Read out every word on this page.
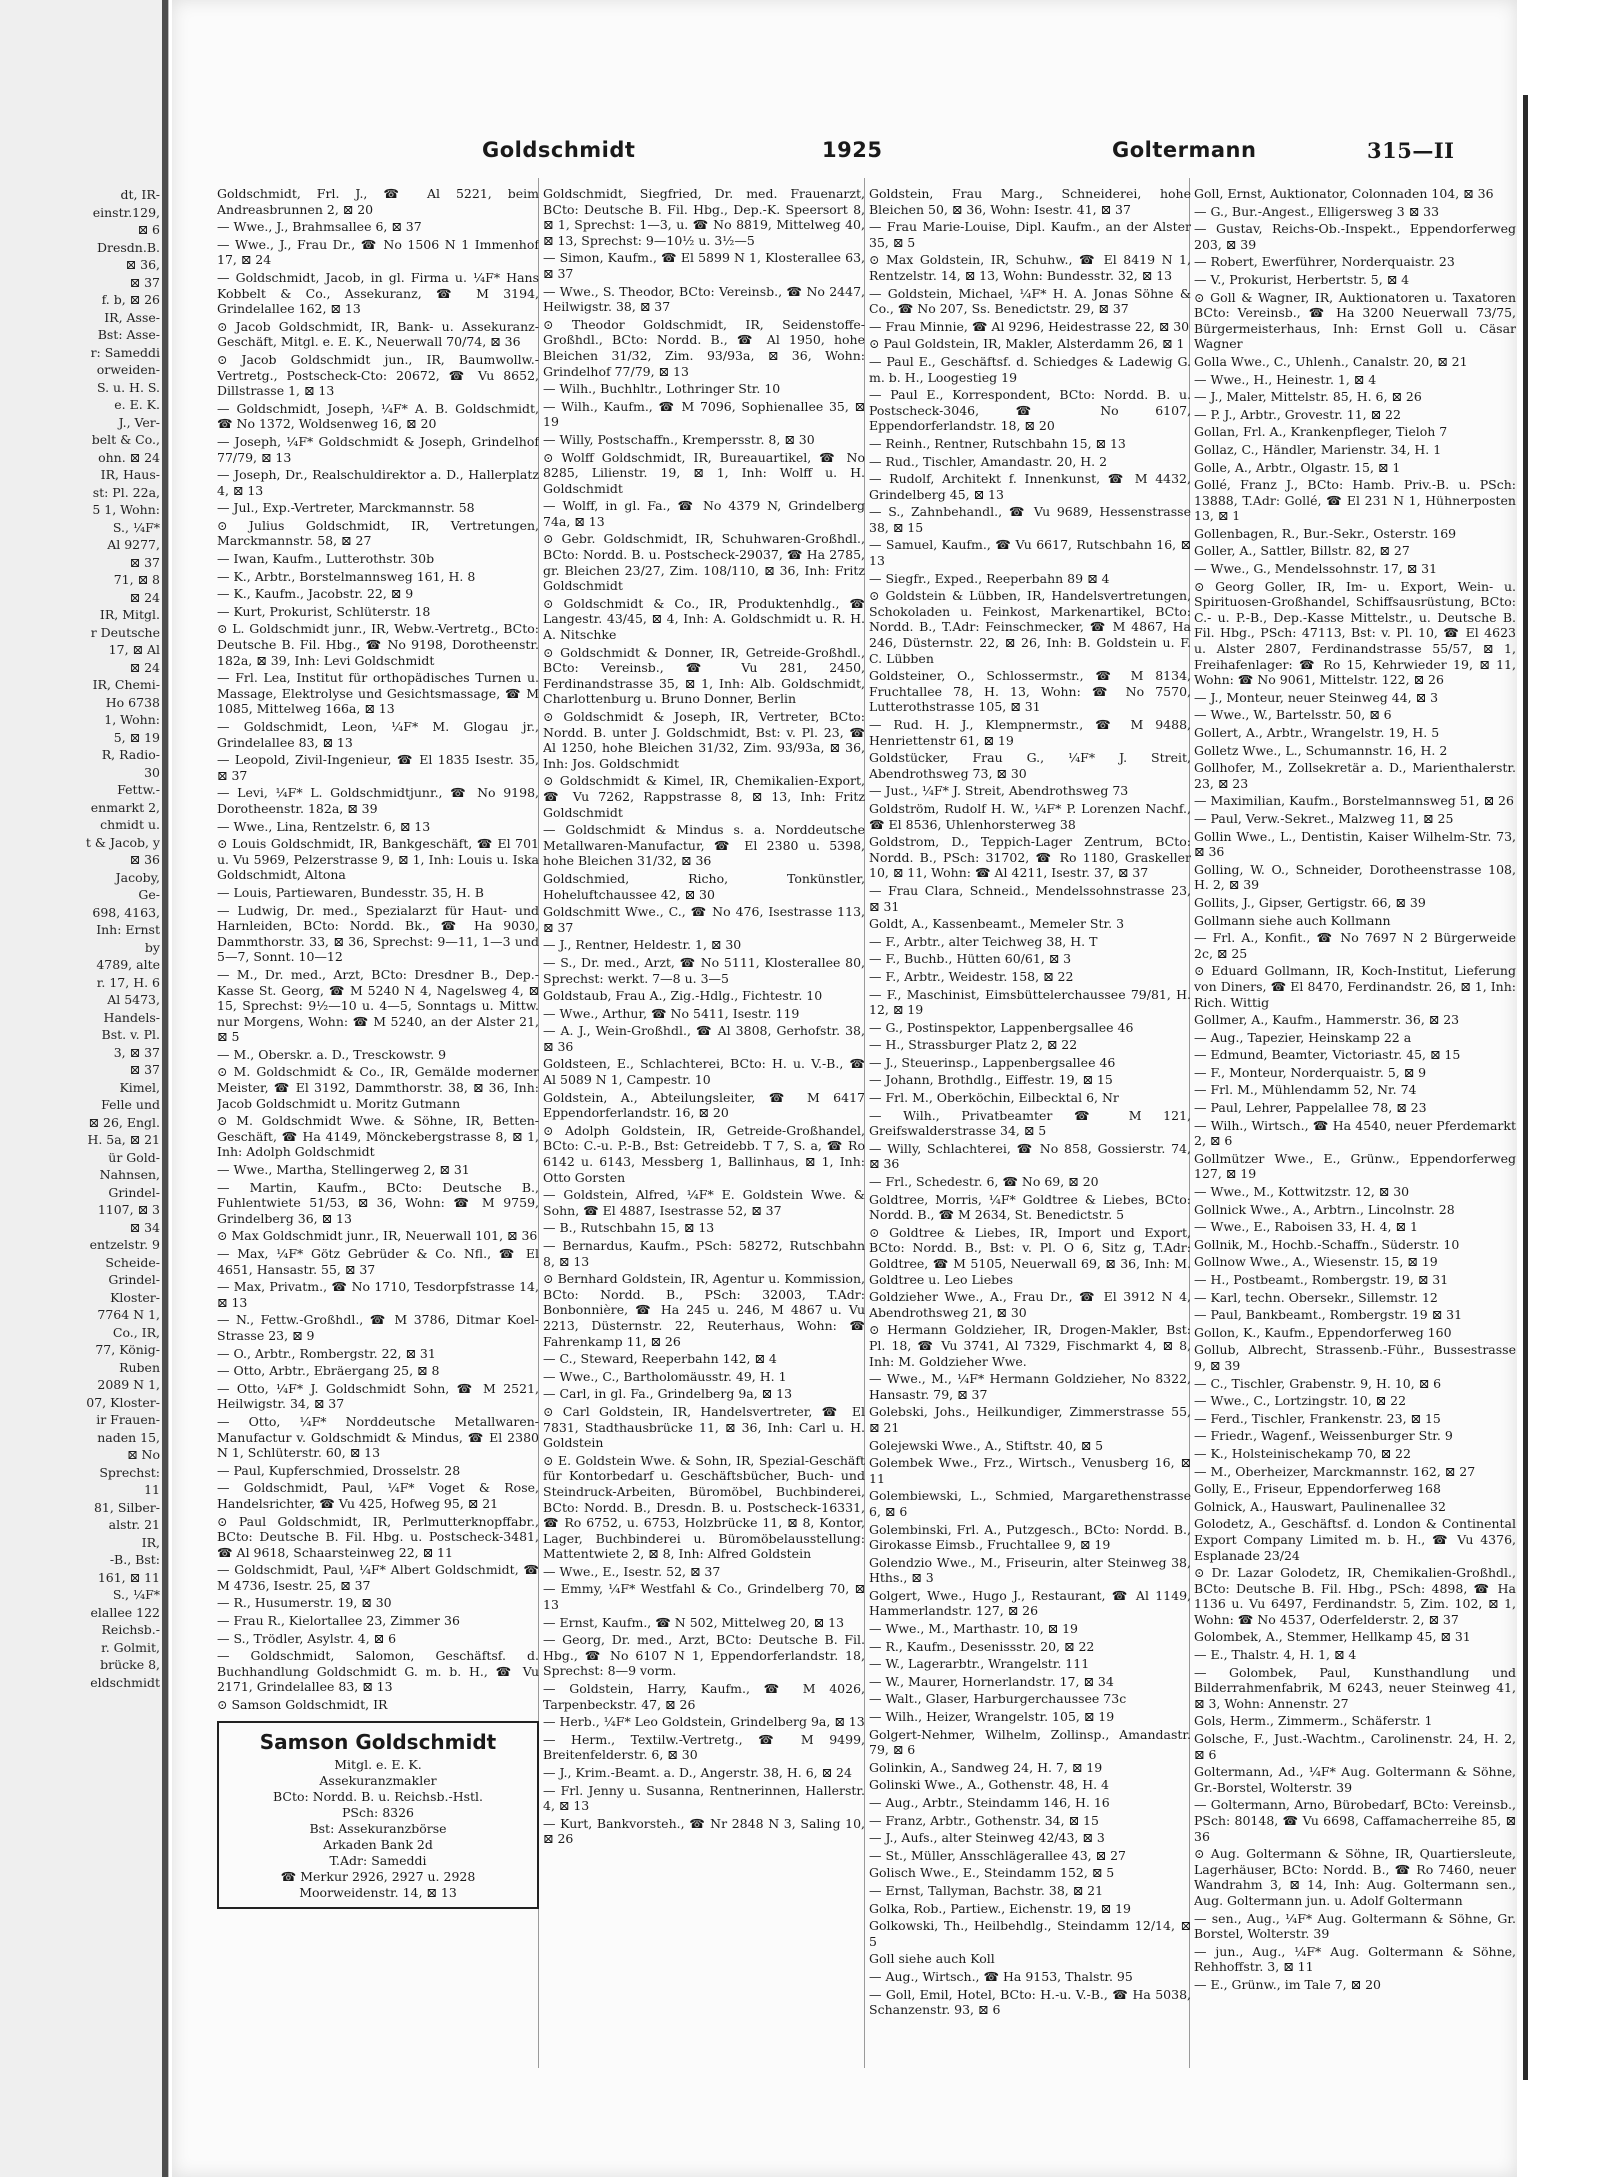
dt, IR-
einstr.129,
⊠ 6
Dresdn.B.
⊠ 36,
⊠ 37
f. b, ⊠ 26
IR, Asse-
Bst: Asse-
r: Sameddi
orweiden-
S. u. H. S.
e. E. K.
J., Ver-
belt & Co.,
ohn. ⊠ 24
IR, Haus-
st: Pl. 22a,
5 1, Wohn:
S., ¼F*
Al 9277,
⊠ 37
71, ⊠ 8
⊠ 24
IR, Mitgl.
r Deutsche
17, ⊠ Al
⊠ 24
IR, Chemi-
Ho 6738
1, Wohn:
5, ⊠ 19
R, Radio-
30
Fettw.-
enmarkt 2,
chmidt u.
t & Jacob, y
⊠ 36
Jacoby,
Ge-
698, 4163,
Inh: Ernst
by
4789, alte
r. 17, H. 6
Al 5473,
Handels-
Bst. v. Pl.
3, ⊠ 37
⊠ 37
Kimel,
Felle und
⊠ 26, Engl.
H. 5a, ⊠ 21
ür Gold-
Nahnsen,
Grindel-
1107, ⊠ 3
⊠ 34
entzelstr. 9
Scheide-
Grindel-
Kloster-
7764 N 1,
Co., IR,
77, König-
Ruben
2089 N 1,
07, Kloster-
ir Frauen-
naden 15,
⊠ No
Sprechst:
11
81, Silber-
alstr. 21
IR,
-B., Bst:
161, ⊠ 11
S., ¼F*
elallee 122
Reichsb.-
r. Golmit,
brücke 8,
eldschmidt
Goldschmidt	1925	Goltermann	315—II
Goldschmidt, Frl. J., ☎ Al 5221, beim Andreasbrunnen 2, ⊠ 20
— Wwe., J., Brahmsallee 6, ⊠ 37
— Wwe., J., Frau Dr., ☎ No 1506 N 1 Immenhof 17, ⊠ 24
— Goldschmidt, Jacob, in gl. Firma u. ¼F* Hans Kobbelt & Co., Assekuranz, ☎ M 3194, Grindelallee 162, ⊠ 13
⊙ Jacob Goldschmidt, IR, Bank- u. Assekuranz-Geschäft, Mitgl. e. E. K., Neuerwall 70/74, ⊠ 36
⊙ Jacob Goldschmidt jun., IR, Baumwollw.-Vertretg., Postscheck-Cto: 20672, ☎ Vu 8652, Dillstrasse 1, ⊠ 13
— Goldschmidt, Joseph, ¼F* A. B. Goldschmidt, ☎ No 1372, Woldsenweg 16, ⊠ 20
— Joseph, ¼F* Goldschmidt & Joseph, Grindelhof 77/79, ⊠ 13
— Joseph, Dr., Realschuldirektor a. D., Hallerplatz 4, ⊠ 13
— Jul., Exp.-Vertreter, Marckmannstr. 58
⊙ Julius Goldschmidt, IR, Vertretungen, Marckmannstr. 58, ⊠ 27
— Iwan, Kaufm., Lutterothstr. 30b
— K., Arbtr., Borstelmannsweg 161, H. 8
— K., Kaufm., Jacobstr. 22, ⊠ 9
— Kurt, Prokurist, Schlüterstr. 18
⊙ L. Goldschmidt junr., IR, Webw.-Vertretg., BCto: Deutsche B. Fil. Hbg., ☎ No 9198, Dorotheenstr. 182a, ⊠ 39, Inh: Levi Goldschmidt
— Frl. Lea, Institut für orthopädisches Turnen u. Massage, Elektrolyse und Gesichtsmassage, ☎ M 1085, Mittelweg 166a, ⊠ 13
— Goldschmidt, Leon, ¼F* M. Glogau jr., Grindelallee 83, ⊠ 13
— Leopold, Zivil-Ingenieur, ☎ El 1835 Isestr. 35, ⊠ 37
— Levi, ¼F* L. Goldschmidtjunr., ☎ No 9198, Dorotheenstr. 182a, ⊠ 39
— Wwe., Lina, Rentzelstr. 6, ⊠ 13
⊙ Louis Goldschmidt, IR, Bankgeschäft, ☎ El 701 u. Vu 5969, Pelzerstrasse 9, ⊠ 1, Inh: Louis u. Iska Goldschmidt, Altona
— Louis, Partiewaren, Bundesstr. 35, H. B
— Ludwig, Dr. med., Spezialarzt für Haut- und Harnleiden, BCto: Nordd. Bk., ☎ Ha 9030, Dammthorstr. 33, ⊠ 36, Sprechst: 9—11, 1—3 und 5—7, Sonnt. 10—12
— M., Dr. med., Arzt, BCto: Dresdner B., Dep.-Kasse St. Georg, ☎ M 5240 N 4, Nagelsweg 4, ⊠ 15, Sprechst: 9½—10 u. 4—5, Sonntags u. Mittw. nur Morgens, Wohn: ☎ M 5240, an der Alster 21, ⊠ 5
— M., Oberskr. a. D., Tresckowstr. 9
⊙ M. Goldschmidt & Co., IR, Gemälde moderner Meister, ☎ El 3192, Dammthorstr. 38, ⊠ 36, Inh: Jacob Goldschmidt u. Moritz Gutmann
⊙ M. Goldschmidt Wwe. & Söhne, IR, Betten-Geschäft, ☎ Ha 4149, Mönckebergstrasse 8, ⊠ 1, Inh: Adolph Goldschmidt
— Wwe., Martha, Stellingerweg 2, ⊠ 31
— Martin, Kaufm., BCto: Deutsche B., Fuhlentwiete 51/53, ⊠ 36, Wohn: ☎ M 9759, Grindelberg 36, ⊠ 13
⊙ Max Goldschmidt junr., IR, Neuerwall 101, ⊠ 36
— Max, ¼F* Götz Gebrüder & Co. Nfl., ☎ El 4651, Hansastr. 55, ⊠ 37
— Max, Privatm., ☎ No 1710, Tesdorpfstrasse 14, ⊠ 13
— N., Fettw.-Großhdl., ☎ M 3786, Ditmar Koel-Strasse 23, ⊠ 9
— O., Arbtr., Rombergstr. 22, ⊠ 31
— Otto, Arbtr., Ebräergang 25, ⊠ 8
— Otto, ¼F* J. Goldschmidt Sohn, ☎ M 2521, Heilwigstr. 34, ⊠ 37
— Otto, ¼F* Norddeutsche Metallwaren-Manufactur v. Goldschmidt & Mindus, ☎ El 2380 N 1, Schlüterstr. 60, ⊠ 13
— Paul, Kupferschmied, Drosselstr. 28
— Goldschmidt, Paul, ¼F* Voget & Rose, Handelsrichter, ☎ Vu 425, Hofweg 95, ⊠ 21
⊙ Paul Goldschmidt, IR, Perlmutterknopffabr., BCto: Deutsche B. Fil. Hbg. u. Postscheck-3481, ☎ Al 9618, Schaarsteinweg 22, ⊠ 11
— Goldschmidt, Paul, ¼F* Albert Goldschmidt, ☎ M 4736, Isestr. 25, ⊠ 37
— R., Husumerstr. 19, ⊠ 30
— Frau R., Kielortallee 23, Zimmer 36
— S., Trödler, Asylstr. 4, ⊠ 6
— Goldschmidt, Salomon, Geschäftsf. d. Buchhandlung Goldschmidt G. m. b. H., ☎ Vu 2171, Grindelallee 83, ⊠ 13
⊙ Samson Goldschmidt, IR
Samson Goldschmidt
Mitgl. e. E. K.
Assekuranzmakler
BCto: Nordd. B. u. Reichsb.-Hstl.
PSch: 8326
Bst: Assekuranzbörse
Arkaden Bank 2d
T.Adr: Sameddi
☎ Merkur 2926, 2927 u. 2928
Moorweidenstr. 14, ⊠ 13
Goldschmidt, Siegfried, Dr. med. Frauenarzt, BCto: Deutsche B. Fil. Hbg., Dep.-K. Speersort 8, ⊠ 1, Sprechst: 1—3, u. ☎ No 8819, Mittelweg 40, ⊠ 13, Sprechst: 9—10½ u. 3½—5
— Simon, Kaufm., ☎ El 5899 N 1, Klosterallee 63, ⊠ 37
— Wwe., S. Theodor, BCto: Vereinsb., ☎ No 2447, Heilwigstr. 38, ⊠ 37
⊙ Theodor Goldschmidt, IR, Seidenstoffe-Großhdl., BCto: Nordd. B., ☎ Al 1950, hohe Bleichen 31/32, Zim. 93/93a, ⊠ 36, Wohn: Grindelhof 77/79, ⊠ 13
— Wilh., Buchhltr., Lothringer Str. 10
— Wilh., Kaufm., ☎ M 7096, Sophienallee 35, ⊠ 19
— Willy, Postschaffn., Krempersstr. 8, ⊠ 30
⊙ Wolff Goldschmidt, IR, Bureauartikel, ☎ No 8285, Lilienstr. 19, ⊠ 1, Inh: Wolff u. H. Goldschmidt
— Wolff, in gl. Fa., ☎ No 4379 N, Grindelberg 74a, ⊠ 13
⊙ Gebr. Goldschmidt, IR, Schuhwaren-Großhdl., BCto: Nordd. B. u. Postscheck-29037, ☎ Ha 2785, gr. Bleichen 23/27, Zim. 108/110, ⊠ 36, Inh: Fritz Goldschmidt
⊙ Goldschmidt & Co., IR, Produktenhdlg., ☎ Langestr. 43/45, ⊠ 4, Inh: A. Goldschmidt u. R. H. A. Nitschke
⊙ Goldschmidt & Donner, IR, Getreide-Großhdl., BCto: Vereinsb., ☎ Vu 281, 2450, Ferdinandstrasse 35, ⊠ 1, Inh: Alb. Goldschmidt, Charlottenburg u. Bruno Donner, Berlin
⊙ Goldschmidt & Joseph, IR, Vertreter, BCto: Nordd. B. unter J. Goldschmidt, Bst: v. Pl. 23, ☎ Al 1250, hohe Bleichen 31/32, Zim. 93/93a, ⊠ 36, Inh: Jos. Goldschmidt
⊙ Goldschmidt & Kimel, IR, Chemikalien-Export, ☎ Vu 7262, Rappstrasse 8, ⊠ 13, Inh: Fritz Goldschmidt
— Goldschmidt & Mindus s. a. Norddeutsche Metallwaren-Manufactur, ☎ El 2380 u. 5398, hohe Bleichen 31/32, ⊠ 36
Goldschmied, Richo, Tonkünstler, Hoheluftchaussee 42, ⊠ 30
Goldschmitt Wwe., C., ☎ No 476, Isestrasse 113, ⊠ 37
— J., Rentner, Heldestr. 1, ⊠ 30
— S., Dr. med., Arzt, ☎ No 5111, Klosterallee 80, Sprechst: werkt. 7—8 u. 3—5
Goldstaub, Frau A., Zig.-Hdlg., Fichtestr. 10
— Wwe., Arthur, ☎ No 5411, Isestr. 119
— A. J., Wein-Großhdl., ☎ Al 3808, Gerhofstr. 38, ⊠ 36
Goldsteen, E., Schlachterei, BCto: H. u. V.-B., ☎ Al 5089 N 1, Campestr. 10
Goldstein, A., Abteilungsleiter, ☎ M 6417 Eppendorferlandstr. 16, ⊠ 20
⊙ Adolph Goldstein, IR, Getreide-Großhandel, BCto: C.-u. P.-B., Bst: Getreidebb. T 7, S. a, ☎ Ro 6142 u. 6143, Messberg 1, Ballinhaus, ⊠ 1, Inh: Otto Gorsten
— Goldstein, Alfred, ¼F* E. Goldstein Wwe. & Sohn, ☎ El 4887, Isestrasse 52, ⊠ 37
— B., Rutschbahn 15, ⊠ 13
— Bernardus, Kaufm., PSch: 58272, Rutschbahn 8, ⊠ 13
⊙ Bernhard Goldstein, IR, Agentur u. Kommission, BCto: Nordd. B., PSch: 32003, T.Adr: Bonbonnière, ☎ Ha 245 u. 246, M 4867 u. Vu 2213, Düsternstr. 22, Reuterhaus, Wohn: ☎ Fahrenkamp 11, ⊠ 26
— C., Steward, Reeperbahn 142, ⊠ 4
— Wwe., C., Bartholomäusstr. 49, H. 1
— Carl, in gl. Fa., Grindelberg 9a, ⊠ 13
⊙ Carl Goldstein, IR, Handelsvertreter, ☎ El 7831, Stadthausbrücke 11, ⊠ 36, Inh: Carl u. H. Goldstein
⊙ E. Goldstein Wwe. & Sohn, IR, Spezial-Geschäft für Kontorbedarf u. Geschäftsbücher, Buch- und Steindruck-Arbeiten, Büromöbel, Buchbinderei, BCto: Nordd. B., Dresdn. B. u. Postscheck-16331, ☎ Ro 6752, u. 6753, Holzbrücke 11, ⊠ 8, Kontor, Lager, Buchbinderei u. Büromöbelausstellung: Mattentwiete 2, ⊠ 8, Inh: Alfred Goldstein
— Wwe., E., Isestr. 52, ⊠ 37
— Emmy, ¼F* Westfahl & Co., Grindelberg 70, ⊠ 13
— Ernst, Kaufm., ☎ N 502, Mittelweg 20, ⊠ 13
— Georg, Dr. med., Arzt, BCto: Deutsche B. Fil. Hbg., ☎ No 6107 N 1, Eppendorferlandstr. 18, Sprechst: 8—9 vorm.
— Goldstein, Harry, Kaufm., ☎ M 4026, Tarpenbeckstr. 47, ⊠ 26
— Herb., ¼F* Leo Goldstein, Grindelberg 9a, ⊠ 13
— Herm., Textilw.-Vertretg., ☎ M 9499, Breitenfelderstr. 6, ⊠ 30
— J., Krim.-Beamt. a. D., Angerstr. 38, H. 6, ⊠ 24
— Frl. Jenny u. Susanna, Rentnerinnen, Hallerstr. 4, ⊠ 13
— Kurt, Bankvorsteh., ☎ Nr 2848 N 3, Saling 10, ⊠ 26
Goldstein, Frau Marg., Schneiderei, hohe Bleichen 50, ⊠ 36, Wohn: Isestr. 41, ⊠ 37
— Frau Marie-Louise, Dipl. Kaufm., an der Alster 35, ⊠ 5
⊙ Max Goldstein, IR, Schuhw., ☎ El 8419 N 1, Rentzelstr. 14, ⊠ 13, Wohn: Bundesstr. 32, ⊠ 13
— Goldstein, Michael, ¼F* H. A. Jonas Söhne & Co., ☎ No 207, Ss. Benedictstr. 29, ⊠ 37
— Frau Minnie, ☎ Al 9296, Heidestrasse 22, ⊠ 30
⊙ Paul Goldstein, IR, Makler, Alsterdamm 26, ⊠ 1
— Paul E., Geschäftsf. d. Schiedges & Ladewig G. m. b. H., Loogestieg 19
— Paul E., Korrespondent, BCto: Nordd. B. u. Postscheck-3046, ☎ No 6107, Eppendorferlandstr. 18, ⊠ 20
— Reinh., Rentner, Rutschbahn 15, ⊠ 13
— Rud., Tischler, Amandastr. 20, H. 2
— Rudolf, Architekt f. Innenkunst, ☎ M 4432, Grindelberg 45, ⊠ 13
— S., Zahnbehandl., ☎ Vu 9689, Hessenstrasse 38, ⊠ 15
— Samuel, Kaufm., ☎ Vu 6617, Rutschbahn 16, ⊠ 13
— Siegfr., Exped., Reeperbahn 89 ⊠ 4
⊙ Goldstein & Lübben, IR, Handelsvertretungen, Schokoladen u. Feinkost, Markenartikel, BCto: Nordd. B., T.Adr: Feinschmecker, ☎ M 4867, Ha 246, Düsternstr. 22, ⊠ 26, Inh: B. Goldstein u. F. C. Lübben
Goldsteiner, O., Schlossermstr., ☎ M 8134, Fruchtallee 78, H. 13, Wohn: ☎ No 7570, Lutterothstrasse 105, ⊠ 31
— Rud. H. J., Klempnermstr., ☎ M 9488, Henriettenstr 61, ⊠ 19
Goldstücker, Frau G., ¼F* J. Streit, Abendrothsweg 73, ⊠ 30
— Just., ¼F* J. Streit, Abendrothsweg 73
Goldström, Rudolf H. W., ¼F* P. Lorenzen Nachf., ☎ El 8536, Uhlenhorsterweg 38
Goldstrom, D., Teppich-Lager Zentrum, BCto: Nordd. B., PSch: 31702, ☎ Ro 1180, Graskeller 10, ⊠ 11, Wohn: ☎ Al 4211, Isestr. 37, ⊠ 37
— Frau Clara, Schneid., Mendelssohnstrasse 23, ⊠ 31
Goldt, A., Kassenbeamt., Memeler Str. 3
— F., Arbtr., alter Teichweg 38, H. T
— F., Buchb., Hütten 60/61, ⊠ 3
— F., Arbtr., Weidestr. 158, ⊠ 22
— F., Maschinist, Eimsbüttelerchaussee 79/81, H. 12, ⊠ 19
— G., Postinspektor, Lappenbergsallee 46
— H., Strassburger Platz 2, ⊠ 22
— J., Steuerinsp., Lappenbergsallee 46
— Johann, Brothdlg., Eiffestr. 19, ⊠ 15
— Frl. M., Oberköchin, Eilbecktal 6, Nr
— Wilh., Privatbeamter ☎ M 121, Greifswalderstrasse 34, ⊠ 5
— Willy, Schlachterei, ☎ No 858, Gossierstr. 74, ⊠ 36
— Frl., Schedestr. 6, ☎ No 69, ⊠ 20
Goldtree, Morris, ¼F* Goldtree & Liebes, BCto: Nordd. B., ☎ M 2634, St. Benedictstr. 5
⊙ Goldtree & Liebes, IR, Import und Export, BCto: Nordd. B., Bst: v. Pl. O 6, Sitz g, T.Adr: Goldtree, ☎ M 5105, Neuerwall 69, ⊠ 36, Inh: M. Goldtree u. Leo Liebes
Goldzieher Wwe., A., Frau Dr., ☎ El 3912 N 4, Abendrothsweg 21, ⊠ 30
⊙ Hermann Goldzieher, IR, Drogen-Makler, Bst: Pl. 18, ☎ Vu 3741, Al 7329, Fischmarkt 4, ⊠ 8, Inh: M. Goldzieher Wwe.
— Wwe., M., ¼F* Hermann Goldzieher, No 8322, Hansastr. 79, ⊠ 37
Golebski, Johs., Heilkundiger, Zimmerstrasse 55, ⊠ 21
Golejewski Wwe., A., Stiftstr. 40, ⊠ 5
Golembek Wwe., Frz., Wirtsch., Venusberg 16, ⊠ 11
Golembiewski, L., Schmied, Margarethenstrasse 6, ⊠ 6
Golembinski, Frl. A., Putzgesch., BCto: Nordd. B., Girokasse Eimsb., Fruchtallee 9, ⊠ 19
Golendzio Wwe., M., Friseurin, alter Steinweg 38, Hths., ⊠ 3
Golgert, Wwe., Hugo J., Restaurant, ☎ Al 1149, Hammerlandstr. 127, ⊠ 26
— Wwe., M., Marthastr. 10, ⊠ 19
— R., Kaufm., Desenissstr. 20, ⊠ 22
— W., Lagerarbtr., Wrangelstr. 111
— W., Maurer, Hornerlandstr. 17, ⊠ 34
— Walt., Glaser, Harburgerchaussee 73c
— Wilh., Heizer, Wrangelstr. 105, ⊠ 19
Golgert-Nehmer, Wilhelm, Zollinsp., Amandastr. 79, ⊠ 6
Golinkin, A., Sandweg 24, H. 7, ⊠ 19
Golinski Wwe., A., Gothenstr. 48, H. 4
— Aug., Arbtr., Steindamm 146, H. 16
— Franz, Arbtr., Gothenstr. 34, ⊠ 15
— J., Aufs., alter Steinweg 42/43, ⊠ 3
— St., Müller, Ansschlägerallee 43, ⊠ 27
Golisch Wwe., E., Steindamm 152, ⊠ 5
— Ernst, Tallyman, Bachstr. 38, ⊠ 21
Golka, Rob., Partiew., Eichenstr. 19, ⊠ 19
Golkowski, Th., Heilbehdlg., Steindamm 12/14, ⊠ 5
Goll siehe auch Koll
— Aug., Wirtsch., ☎ Ha 9153, Thalstr. 95
— Goll, Emil, Hotel, BCto: H.-u. V.-B., ☎ Ha 5038, Schanzenstr. 93, ⊠ 6
Goll, Ernst, Auktionator, Colonnaden 104, ⊠ 36
— G., Bur.-Angest., Elligersweg 3 ⊠ 33
— Gustav, Reichs-Ob.-Inspekt., Eppendorferweg 203, ⊠ 39
— Robert, Ewerführer, Norderquaistr. 23
— V., Prokurist, Herbertstr. 5, ⊠ 4
⊙ Goll & Wagner, IR, Auktionatoren u. Taxatoren BCto: Vereinsb., ☎ Ha 3200 Neuerwall 73/75, Bürgermeisterhaus, Inh: Ernst Goll u. Cäsar Wagner
Golla Wwe., C., Uhlenh., Canalstr. 20, ⊠ 21
— Wwe., H., Heinestr. 1, ⊠ 4
— J., Maler, Mittelstr. 85, H. 6, ⊠ 26
— P. J., Arbtr., Grovestr. 11, ⊠ 22
Gollan, Frl. A., Krankenpfleger, Tieloh 7
Gollaz, C., Händler, Marienstr. 34, H. 1
Golle, A., Arbtr., Olgastr. 15, ⊠ 1
Gollé, Franz J., BCto: Hamb. Priv.-B. u. PSch: 13888, T.Adr: Gollé, ☎ El 231 N 1, Hühnerposten 13, ⊠ 1
Gollenbagen, R., Bur.-Sekr., Osterstr. 169
Goller, A., Sattler, Billstr. 82, ⊠ 27
— Wwe., G., Mendelssohnstr. 17, ⊠ 31
⊙ Georg Goller, IR, Im- u. Export, Wein- u. Spirituosen-Großhandel, Schiffsausrüstung, BCto: C.- u. P.-B., Dep.-Kasse Mittelstr., u. Deutsche B. Fil. Hbg., PSch: 47113, Bst: v. Pl. 10, ☎ El 4623 u. Alster 2807, Ferdinandstrasse 55/57, ⊠ 1, Freihafenlager: ☎ Ro 15, Kehrwieder 19, ⊠ 11, Wohn: ☎ No 9061, Mittelstr. 122, ⊠ 26
— J., Monteur, neuer Steinweg 44, ⊠ 3
— Wwe., W., Bartelsstr. 50, ⊠ 6
Gollert, A., Arbtr., Wrangelstr. 19, H. 5
Golletz Wwe., L., Schumannstr. 16, H. 2
Gollhofer, M., Zollsekretär a. D., Marienthalerstr. 23, ⊠ 23
— Maximilian, Kaufm., Borstelmannsweg 51, ⊠ 26
— Paul, Verw.-Sekret., Malzweg 11, ⊠ 25
Gollin Wwe., L., Dentistin, Kaiser Wilhelm-Str. 73, ⊠ 36
Golling, W. O., Schneider, Dorotheenstrasse 108, H. 2, ⊠ 39
Gollits, J., Gipser, Gertigstr. 66, ⊠ 39
Gollmann siehe auch Kollmann
— Frl. A., Konfit., ☎ No 7697 N 2 Bürgerweide 2c, ⊠ 25
⊙ Eduard Gollmann, IR, Koch-Institut, Lieferung von Diners, ☎ El 8470, Ferdinandstr. 26, ⊠ 1, Inh: Rich. Wittig
Gollmer, A., Kaufm., Hammerstr. 36, ⊠ 23
— Aug., Tapezier, Heinskamp 22 a
— Edmund, Beamter, Victoriastr. 45, ⊠ 15
— F., Monteur, Norderquaistr. 5, ⊠ 9
— Frl. M., Mühlendamm 52, Nr. 74
— Paul, Lehrer, Pappelallee 78, ⊠ 23
— Wilh., Wirtsch., ☎ Ha 4540, neuer Pferdemarkt 2, ⊠ 6
Gollmützer Wwe., E., Grünw., Eppendorferweg 127, ⊠ 19
— Wwe., M., Kottwitzstr. 12, ⊠ 30
Gollnick Wwe., A., Arbtrn., Lincolnstr. 28
— Wwe., E., Raboisen 33, H. 4, ⊠ 1
Gollnik, M., Hochb.-Schaffn., Süderstr. 10
Gollnow Wwe., A., Wiesenstr. 15, ⊠ 19
— H., Postbeamt., Rombergstr. 19, ⊠ 31
— Karl, techn. Obersekr., Sillemstr. 12
— Paul, Bankbeamt., Rombergstr. 19 ⊠ 31
Gollon, K., Kaufm., Eppendorferweg 160
Gollub, Albrecht, Strassenb.-Führ., Bussestrasse 9, ⊠ 39
— C., Tischler, Grabenstr. 9, H. 10, ⊠ 6
— Wwe., C., Lortzingstr. 10, ⊠ 22
— Ferd., Tischler, Frankenstr. 23, ⊠ 15
— Friedr., Wagenf., Weissenburger Str. 9
— K., Holsteinischekamp 70, ⊠ 22
— M., Oberheizer, Marckmannstr. 162, ⊠ 27
Golly, E., Friseur, Eppendorferweg 168
Golnick, A., Hauswart, Paulinenallee 32
Golodetz, A., Geschäftsf. d. London & Continental Export Company Limited m. b. H., ☎ Vu 4376, Esplanade 23/24
⊙ Dr. Lazar Golodetz, IR, Chemikalien-Großhdl., BCto: Deutsche B. Fil. Hbg., PSch: 4898, ☎ Ha 1136 u. Vu 6497, Ferdinandstr. 5, Zim. 102, ⊠ 1, Wohn: ☎ No 4537, Oderfelderstr. 2, ⊠ 37
Golombek, A., Stemmer, Hellkamp 45, ⊠ 31
— E., Thalstr. 4, H. 1, ⊠ 4
— Golombek, Paul, Kunsthandlung und Bilderrahmenfabrik, M 6243, neuer Steinweg 41, ⊠ 3, Wohn: Annenstr. 27
Gols, Herm., Zimmerm., Schäferstr. 1
Golsche, F., Just.-Wachtm., Carolinenstr. 24, H. 2, ⊠ 6
Goltermann, Ad., ¼F* Aug. Goltermann & Söhne, Gr.-Borstel, Wolterstr. 39
— Goltermann, Arno, Bürobedarf, BCto: Vereinsb., PSch: 80148, ☎ Vu 6698, Caffamacherreihe 85, ⊠ 36
⊙ Aug. Goltermann & Söhne, IR, Quartiersleute, Lagerhäuser, BCto: Nordd. B., ☎ Ro 7460, neuer Wandrahm 3, ⊠ 14, Inh: Aug. Goltermann sen., Aug. Goltermann jun. u. Adolf Goltermann
— sen., Aug., ¼F* Aug. Goltermann & Söhne, Gr. Borstel, Wolterstr. 39
— jun., Aug., ¼F* Aug. Goltermann & Söhne, Rehhoffstr. 3, ⊠ 11
— E., Grünw., im Tale 7, ⊠ 20
